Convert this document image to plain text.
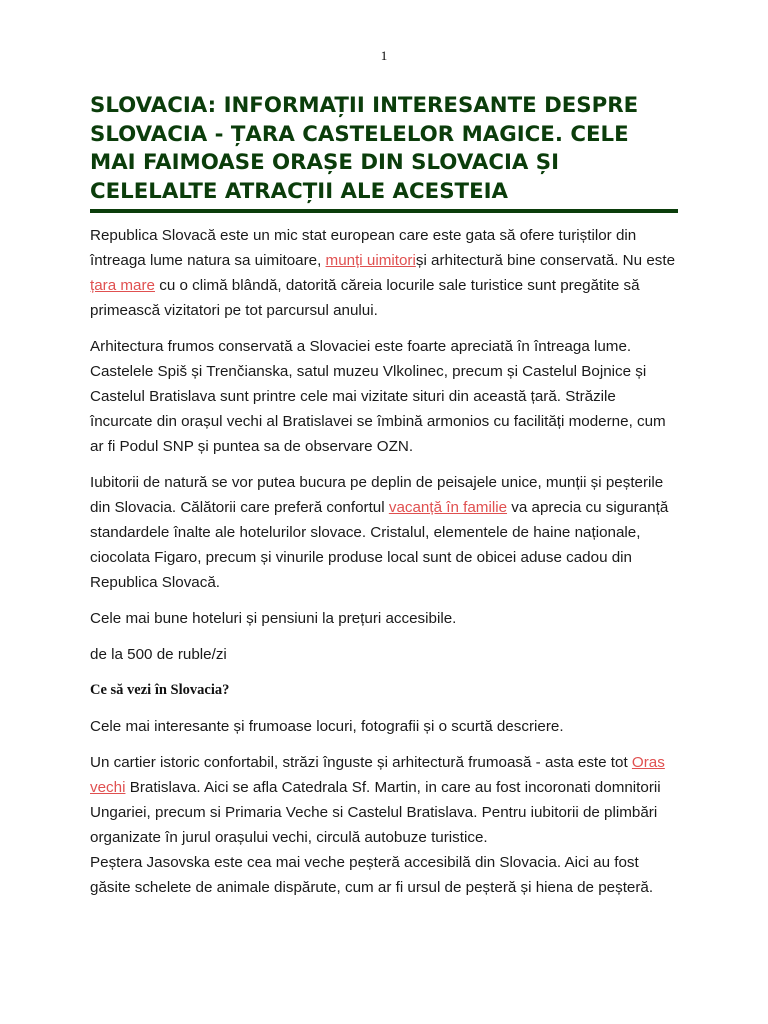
1
SLOVACIA: INFORMAȚII INTERESANTE DESPRE SLOVACIA - ȚARA CASTELELOR MAGICE. CELE MAI FAIMOASE ORAȘE DIN SLOVACIA ȘI CELELALTE ATRACȚII ALE ACESTEIA

Republica Slovacă este un mic stat european care este gata să ofere turiștilor din întreaga lume natura sa uimitoare, munți uimitoriși arhitectură bine conservată. Nu este țara mare cu o climă blândă, datorită căreia locurile sale turistice sunt pregătite să primească vizitatori pe tot parcursul anului.

Arhitectura frumos conservată a Slovaciei este foarte apreciată în întreaga lume. Castelele Spiš și Trenčianska, satul muzeu Vlkolinec, precum și Castelul Bojnice și Castelul Bratislava sunt printre cele mai vizitate situri din această țară. Străzile încurcate din orașul vechi al Bratislavei se îmbină armonios cu facilități moderne, cum ar fi Podul SNP și puntea sa de observare OZN.

Iubitorii de natură se vor putea bucura pe deplin de peisajele unice, munții și peșterile din Slovacia. Călătorii care preferă confortul vacanță în familie va aprecia cu siguranță standardele înalte ale hotelurilor slovace. Cristalul, elementele de haine naționale, ciocolata Figaro, precum și vinurile produse local sunt de obicei aduse cadou din Republica Slovacă.

Cele mai bune hoteluri și pensiuni la prețuri accesibile.

de la 500 de ruble/zi

Ce să vezi în Slovacia?

Cele mai interesante și frumoase locuri, fotografii și o scurtă descriere.

Un cartier istoric confortabil, străzi înguste și arhitectură frumoasă - asta este tot Oras vechi Bratislava. Aici se afla Catedrala Sf. Martin, in care au fost incoronati domnitorii Ungariei, precum si Primaria Veche si Castelul Bratislava. Pentru iubitorii de plimbări organizate în jurul orașului vechi, circulă autobuze turistice.

Peștera Jasovska este cea mai veche peșteră accesibilă din Slovacia. Aici au fost găsite schelete de animale dispărute, cum ar fi ursul de peșteră și hiena de peșteră.
